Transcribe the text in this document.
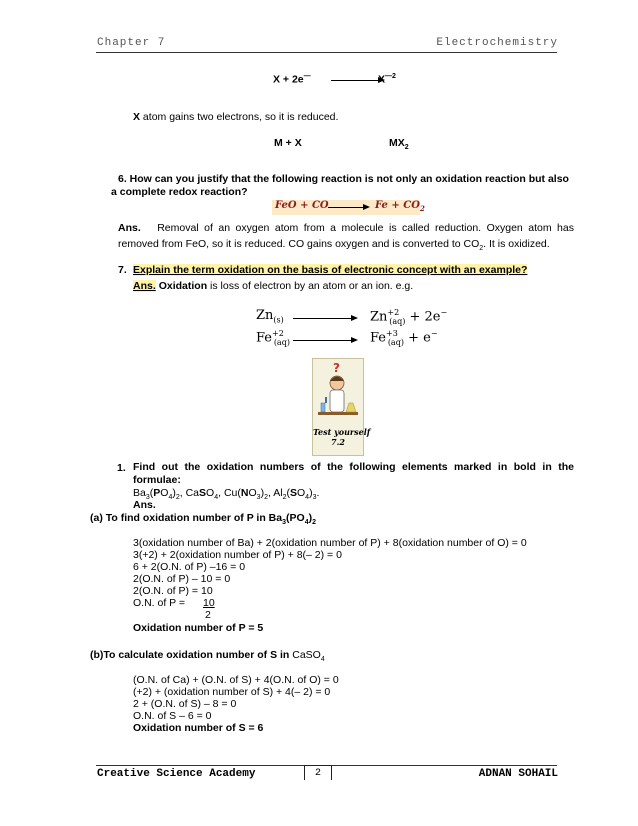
Chapter 7	Electrochemistry
X + 2e—	$X^{—2}$
X atom gains two electrons, so it is reduced.
M + X	$MX_2$
6. How can you justify that the following reaction is not only an oxidation reaction but also
a complete redox reaction?
FeO + CO	$Fe + CO_2$
Ans. Removal of an oxygen atom from a molecule is called reduction. Oxygen atom has
removed from FeO, so it is reduced. CO gains oxygen and is converted to $CO_2$. It is oxidized.
7. Explain the term oxidation on the basis of electronic concept with an example?
Ans. Oxidation is loss of electron by an atom or an ion. e.g.
$Zn_{(s)}$	$Zn^{+2}_{(aq)} + 2e^-$
$Fe^{+2}_{(aq)}$	$Fe^{+3}_{(aq)} + e^-$
?
Test yourself
7.2
1. Find out the oxidation numbers of the following elements marked in bold in the
formulae:
$Ba_3(PO_4)_2$, CaSO$_4$, $Cu(NO_3)_2$, $Al_2(SO_4)_3$.
Ans.
(a) To find oxidation number of P in $Ba_3(PO_4)_2$
3(oxidation number of Ba) + 2(oxidation number of P) + 8(oxidation number of O) = 0
3(+2) + 2(oxidation number of P) + 8(– 2) = 0
6 + 2(O.N. of P) –16 = 0
2(O.N. of P) – 10 = 0
2(O.N. of P) = 10
O.N. of P = 10
2
Oxidation number of P = 5
(b)To calculate oxidation number of S in CaSO$_4$
(O.N. of Ca) + (O.N. of S) + 4(O.N. of O) = 0
(+2) + (oxidation number of S) + 4(– 2) = 0
2 + (O.N. of S) – 8 = 0
O.N. of S – 6 = 0
Oxidation number of S = 6
Creative Science Academy	2	ADNAN SOHAIL
